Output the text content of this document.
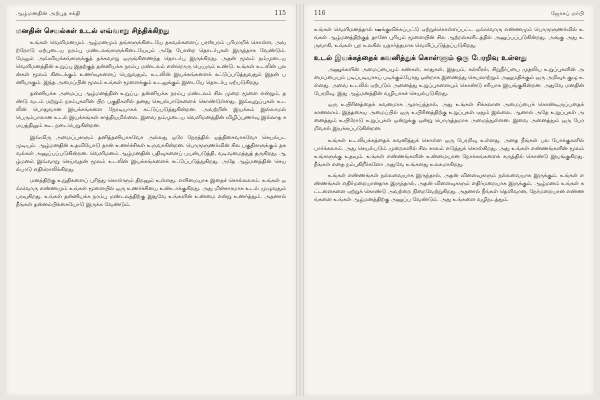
ஆழ்மனதின் அற்புத சக்தி	115
மனதின் செயல்கள் உடல் எவ்வாறு சிந்திக்கிறது

உங்கள் வெளிமனமும் ஆழ்மனமும் தங்களுக்கிடையே தகவல்களைப் பரஸ்பரம் பரிமாறிக் கொள்ள, அவற்றோடு ஏற்புடைய நரம்பு மண்டலங்களுக்கிடையேயும் அதே போன்ற தொடர்புகள் இருந்தாக வேண்டும். மேலும் அவ்வியக்கங்களுக்குத் தக்கவாறு ஒருங்கிணைந்த தொடர்பு இருக்கிறது. அதன் மூலம் நம்முடைய வெளிமனத்தின் உறுப்பு இதற்குத் தன்னியக்க நரம்பு மண்டலம் என்றொரு பெயரும் உண்டு. உங்கள் உடலின் புலன்கள் மூலம் கிடைக்கும் உணர்வுகளைப் பெறுவதும், உடலின் இயக்கங்களைக் கட்டுப்படுத்துவதும் இதன் பணியாகும். இந்த அமைப்பின் மூலம் உங்கள் மூளைக்கும் உடலுக்கும் இடையே தொடர்பு ஏற்படுகிறது.

தன்னியக்க அமைப்பு ஆழ்மனத்தின் உறுப்பு. தன்னியக்க நரம்பு மண்டலம் சில முறை மூளை என்றும், தண்டு வடம் மற்றும் நரம்புகளின் பிற பகுதிகளில் தனது செயல்பாடுகளைக் கொண்டுள்ளது. இவ்வுறுப்புகள் உடலின் பொதுவான இயக்கங்களை நேரடியாகக் கட்டுப்படுத்துகின்றன. அவற்றின் இயக்கம் இல்லாமல் பெரும்பாலான உடல் இயக்கங்கள் சாத்தியமில்லை. இவை நம்முடைய வெளிமனத்தின் விழிப்புணர்வு இல்லாத சமயத்திலும் கூட நடைபெறுகின்றன.

இவ்விரு அமைப்புகளும் தனித்தனியாகவோ அல்லது ஒரே நேரத்தில் ஒத்திசைவாகவோ செயல்பட முடியும். ஆழ்மனதின் உதவியோடு தான் உணர்ச்சிகள் உருவாகின்றன. பொருளுணர்வின் சில பகுதிகளுக்கும் தகவல்கள் அனுப்பப்படுகின்றன. வெளிமனம் ஆழ்மனதின் பதிவுகளைப் பயன்படுத்தி, வடிவமைத்துத் தருகிறது. ஆழ்மனம் இவ்வாறு செய்வதன் மூலம் உடலின் இயக்கங்களைக் கட்டுப்படுத்துகிறது. அதே ஆழ்மனத்தின் செயல்பாடு எதிரொலிக்கிறது.

மனத்திற்கு உறுதிகளைப் புரிந்து கொள்ளும் திறனும் உள்ளது. எளிமையாக இதைச் சொல்லலாம். உங்கள் ஒவ்வொரு எண்ணமும் உங்கள் மூளையில் ஒரு உணர்ச்சியை உண்டாக்குகிறது. அது மின்சாரமாக உடல் முழுவதும் பரவுகிறது. உங்கள் தன்னியக்க நரம்பு மண்டலத்திற்கு இதுவே உங்களின் உண்மை என்று உணர்த்தும். அதனால் நீங்கள் தன்னம்பிக்கையோடு இருக்க வேண்டும்.

116	ஜோசப் மர்பி

உங்கள் வெளிமனத்தால் ஊக்குவிக்கப்பட்டு ஏற்றுக்கொள்ளப்பட்ட ஒவ்வொரு எண்ணமும் பொருளுணர்வில் உங்கள் ஆழ்மனத்திற்குத் தானே புரியும் மூளையின் சில ஆற்றல்களிடத்தில் அனுப்பப்படுகின்றது. அங்கு அது உருவாகி, உங்கள் புற உலகில் யதார்த்தமாக வெளிப்படுத்தப்படுகிறது.

உடல் இயக்கத்தைக் கவனித்துக் கொள்ளும் ஒரு பேரறிவு உள்ளது

அணுக்களின் அமைப்பையும் கண்கள், காதுகள், இதயம், கல்லீரல், சிறுநீர்ப்பை முதலிய உறுப்புகளின் அமைப்பையும் படிப்படியாகப் படிக்கும்போது ஒன்றாக இணைந்து செயலாற்றும் அனுமதிக்கும் ஒரு அறிவுக் குழு உள்ளது. அவை உடலில் ஏற்படும் அனைத்து உறுப்புகளையும் கொண்டு சரியாக இயங்குகின்றன. அதுவே மனதின் பேரறிவு. இது ஆழ்மனத்தின் வழியாகச் செயல்படுகிறது.

ஒரு உயிரினத்தைக் கவனமாக ஆராய்ந்தால், அது உங்கள் சிக்கலான அமைப்பைக் கொண்டிருப்பதைக் காணலாம். இத்தகைய அமைப்பில் ஒரு உயிரினத்திற்கு உறுப்புகள் ஏதும் இல்லை. ஆனால் அதே உறுப்புகள் அனைத்தும் உயிரோடு உறுப்புகள் ஒன்றுக்கு ஒன்று பொருத்தமாக அமைந்துள்ளன. இவை அனைத்தும் ஒரு பேரறிவால் இயக்கப்படுகின்றன.

உங்கள் உடலியக்கத்தைக் கவனித்துக் கொள்ள ஒரு பேரறிவு உள்ளது. அதை நீங்கள் பல போக்குகளில் பார்க்கலாம். அது செயல்படும் முறைகளில் சில காலம் எடுத்துக் கொள்கிறது. அது உங்கள் எண்ணங்களின் மூலம் உங்களுக்கு உதவும். உங்கள் எண்ணங்களின் உண்மையான நோக்கங்களைக் கருத்தில் கொண்டு இயங்குகிறது. நீங்கள் எதை நம்புகிறீர்களோ அதுவே உங்களது உலகமாகிறது.

உங்கள் எண்ணங்கள் நல்லவையாக இருந்தால், அதன் விளைவுகளும் நல்லவையாக இருக்கும். உங்கள் எண்ணங்கள் எதிர்மறையானதாக இருந்தால், அதன் விளைவுகளும் எதிர்மறையாக இருக்கும். ஆழ்மனம் உங்கள் கட்டளைகளை ஏற்றுக் கொண்டு அவற்றை நிறைவேற்றுகிறது. அதனால் நீங்கள் தெளிவான, நேர்மறையான எண்ணங்களை உங்கள் ஆழ்மனத்திற்கு அனுப்ப வேண்டும். அது உங்களை வழிநடத்தும்.
